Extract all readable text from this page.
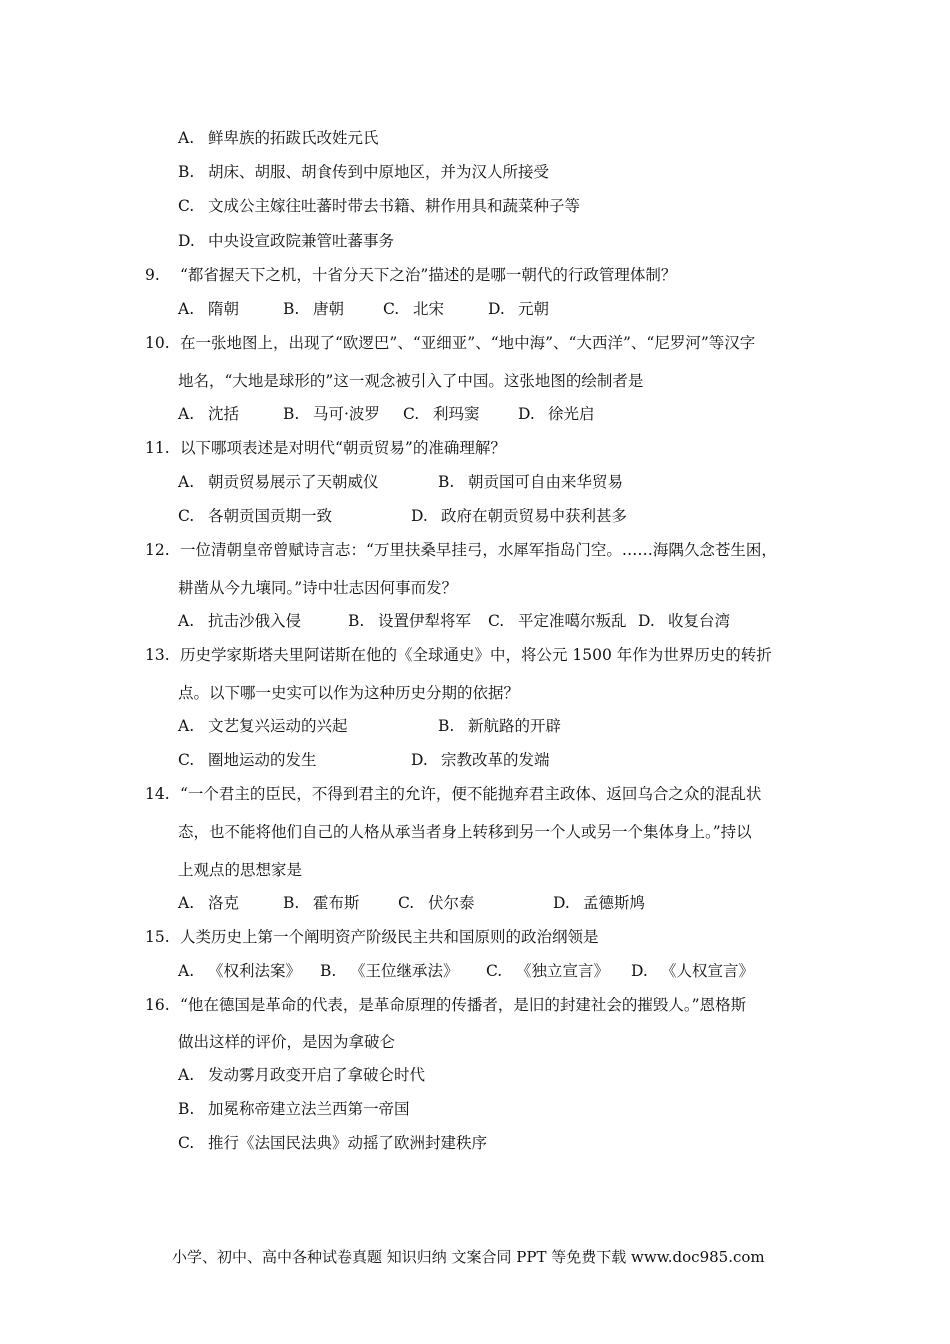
A. 鲜卑族的拓跋氏改姓元氏
B. 胡床、胡服、胡食传到中原地区，并为汉人所接受
C. 文成公主嫁往吐蕃时带去书籍、耕作用具和蔬菜种子等
D. 中央设宣政院兼管吐蕃事务
9. “都省握天下之机，十省分天下之治”描述的是哪一朝代的行政管理体制？
A. 隋朝	B. 唐朝	C. 北宋	D. 元朝
10. 在一张地图上，出现了“欧逻巴”、“亚细亚”、“地中海”、“大西洋”、“尼罗河”等汉字
地名，“大地是球形的”这一观念被引入了中国。这张地图的绘制者是
A. 沈括	B. 马可·波罗 C. 利玛窦 D. 徐光启
11. 以下哪项表述是对明代“朝贡贸易”的准确理解？
A. 朝贡贸易展示了天朝威仪	B. 朝贡国可自由来华贸易
C. 各朝贡国贡期一致	D. 政府在朝贡贸易中获利甚多
12. 一位清朝皇帝曾赋诗言志：“万里扶桑早挂弓，水犀军指岛门空。……海隅久念苍生困，
耕凿从今九壤同。”诗中壮志因何事而发？
A. 抗击沙俄入侵	B. 设置伊犁将军 C. 平定准噶尔叛乱 D. 收复台湾
13. 历史学家斯塔夫里阿诺斯在他的《全球通史》中，将公元 1500 年作为世界历史的转折
点。以下哪一史实可以作为这种历史分期的依据？
A. 文艺复兴运动的兴起	B. 新航路的开辟
C. 圈地运动的发生	D. 宗教改革的发端
14. “一个君主的臣民，不得到君主的允许，便不能抛弃君主政体、返回乌合之众的混乱状
态，也不能将他们自己的人格从承当者身上转移到另一个人或另一个集体身上。”持以
上观点的思想家是
A. 洛克	B. 霍布斯 C. 伏尔泰	D. 孟德斯鸠
15. 人类历史上第一个阐明资产阶级民主共和国原则的政治纲领是
A. 《权利法案》 B. 《王位继承法》 C. 《独立宣言》 D. 《人权宣言》
16. “他在德国是革命的代表，是革命原理的传播者，是旧的封建社会的摧毁人。”恩格斯
做出这样的评价，是因为拿破仑
A. 发动雾月政变开启了拿破仑时代
B. 加冕称帝建立法兰西第一帝国
C. 推行《法国民法典》动摇了欧洲封建秩序
小学、初中、高中各种试卷真题 知识归纳 文案合同 PPT 等免费下载 www.doc985.com
